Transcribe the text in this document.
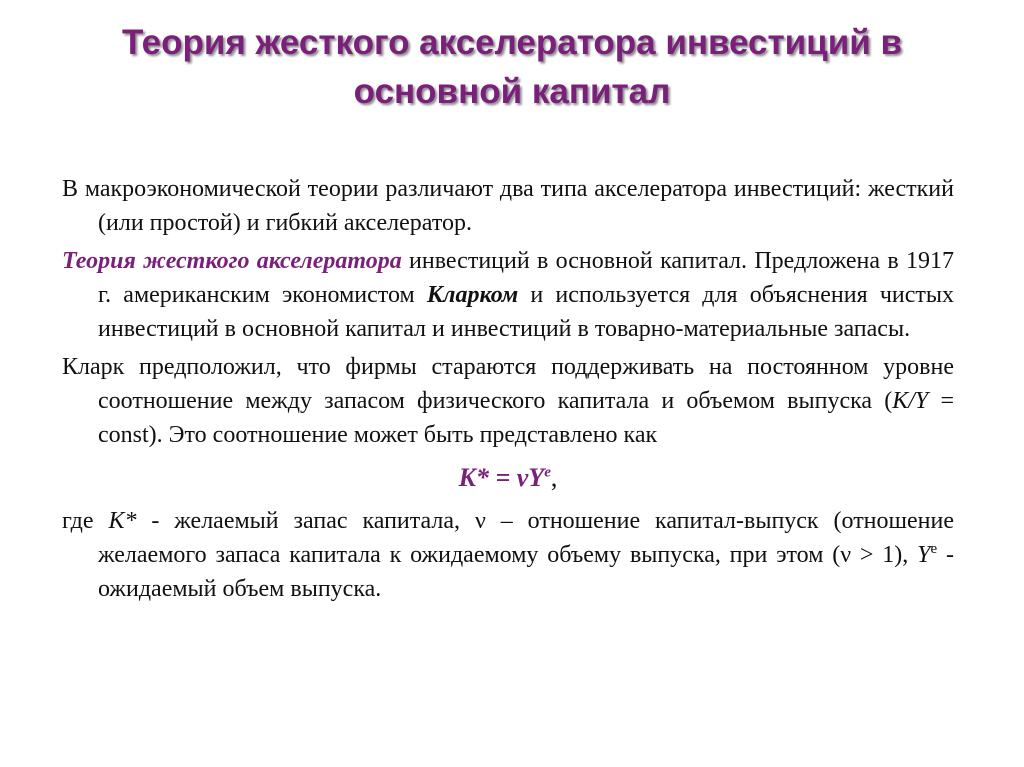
Теория жесткого акселератора инвестиций в основной капитал

В макроэкономической теории различают два типа акселератора инвестиций: жесткий (или простой) и гибкий акселератор.

Теория жесткого акселератора инвестиций в основной капитал. Предложена в 1917 г. американским экономистом Кларком и используется для объяснения чистых инвестиций в основной капитал и инвестиций в товарно-материальные запасы.

Кларк предположил, что фирмы стараются поддерживать на постоянном уровне соотношение между запасом физического капитала и объемом выпуска (K/Y = const). Это соотношение может быть представлено как

$K* = vY^e$,

где K* - желаемый запас капитала, ν – отношение капитал-выпуск (отношение желаемого запаса капитала к ожидаемому объему выпуска, при этом (ν > 1), $Y^e$ - ожидаемый объем выпуска.
